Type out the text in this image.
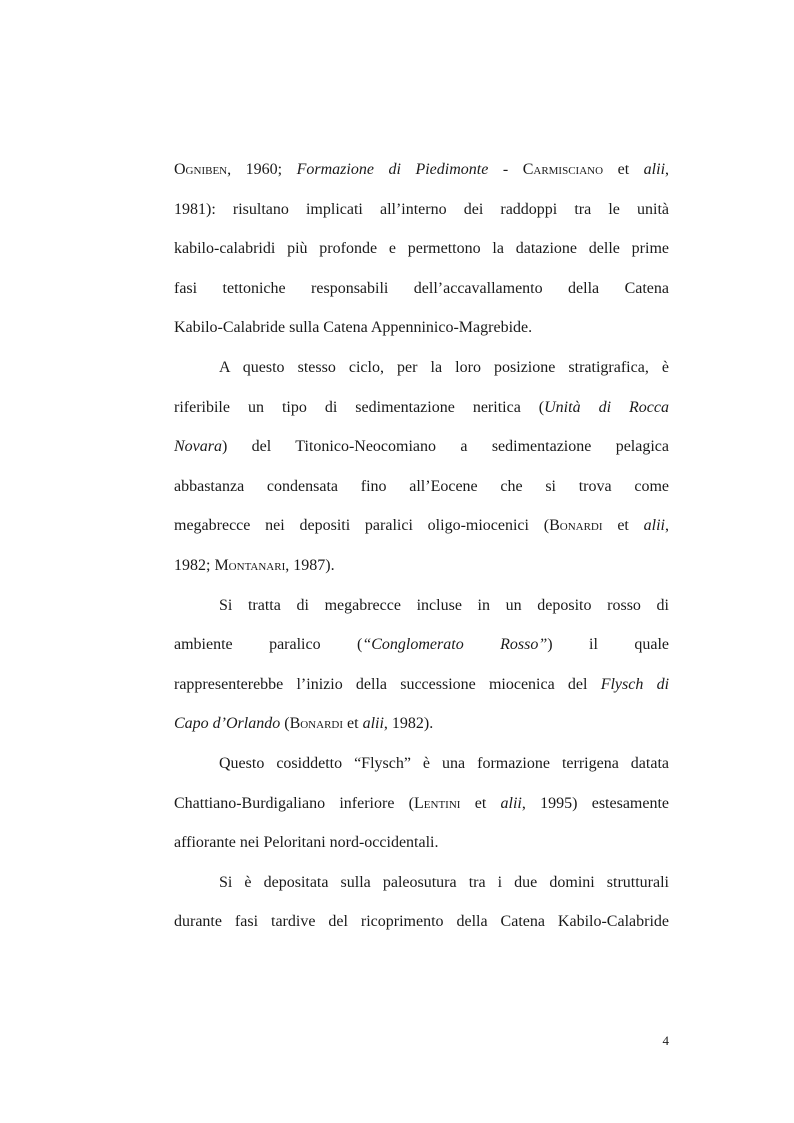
Ogniben, 1960; Formazione di Piedimonte - Carmisciano et alii,
1981): risultano implicati all’interno dei raddoppi tra le unità
kabilo-calabridi più profonde e permettono la datazione delle prime
fasi tettoniche responsabili dell’accavallamento della Catena
Kabilo-Calabride sulla Catena Appenninico-Magrebide.
A questo stesso ciclo, per la loro posizione stratigrafica, è
riferibile un tipo di sedimentazione neritica (Unità di Rocca
Novara) del Titonico-Neocomiano a sedimentazione pelagica
abbastanza condensata fino all’Eocene che si trova come
megabrecce nei depositi paralici oligo-miocenici (Bonardi et alii,
1982; Montanari, 1987).
Si tratta di megabrecce incluse in un deposito rosso di
ambiente paralico (“Conglomerato Rosso”) il quale
rappresenterebbe l’inizio della successione miocenica del Flysch di
Capo d’Orlando (Bonardi et alii, 1982).
Questo cosiddetto “Flysch” è una formazione terrigena datata
Chattiano-Burdigaliano inferiore (Lentini et alii, 1995) estesamente
affiorante nei Peloritani nord-occidentali.
Si è depositata sulla paleosutura tra i due domini strutturali
durante fasi tardive del ricoprimento della Catena Kabilo-Calabride
4
